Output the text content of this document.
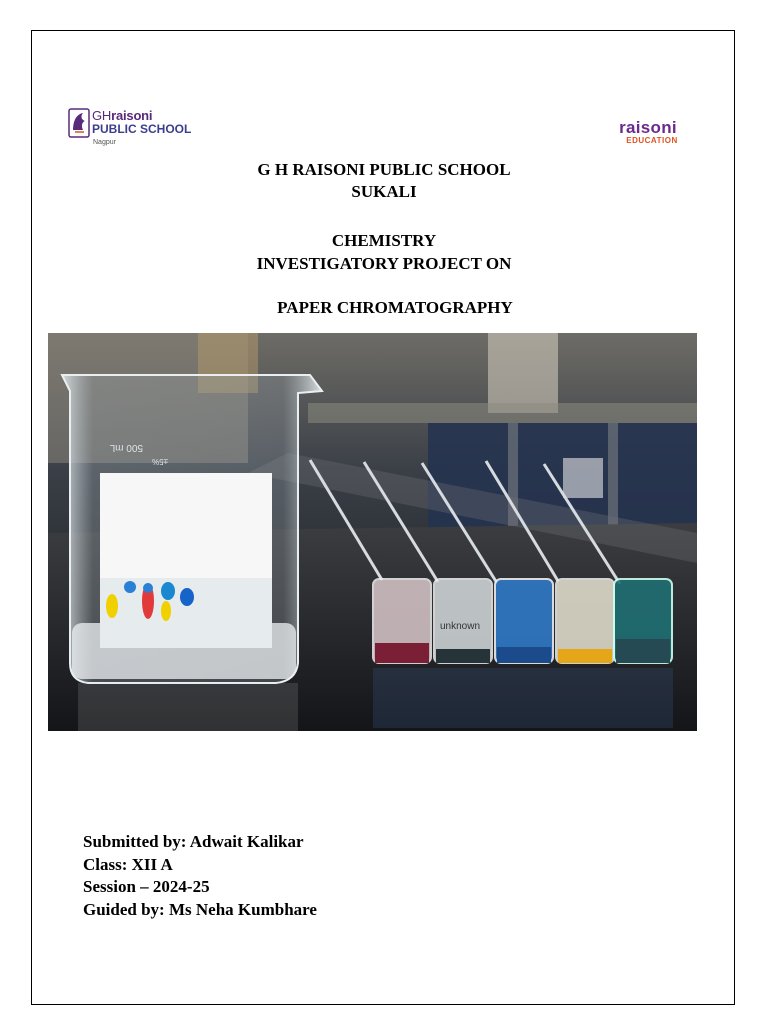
GHraisoni
PUBLIC SCHOOL
Nagpur
raisoni
EDUCATION
G H RAISONI PUBLIC SCHOOL
SUKALI
CHEMISTRY
INVESTIGATORY PROJECT ON
PAPER CHROMATOGRAPHY
500 mL
±5%
unknown
Submitted by: Adwait Kalikar
Class: XII A
Session – 2024-25
Guided by: Ms Neha Kumbhare
